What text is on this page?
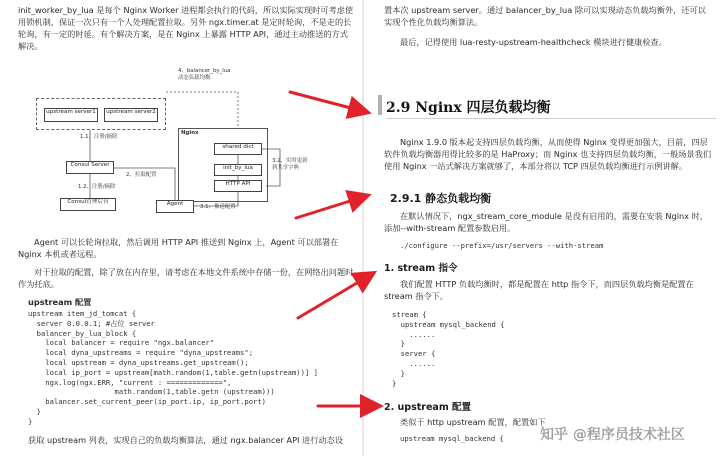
init_worker_by_lua 是每个 Nginx Worker 进程都会执行的代码，所以实际实现时可考虑使用锁机制，保证一次只有一个人处理配置拉取。另外 ngx.timer.at 是定时轮询，不是走的长轮询，有一定的时延。有个解决方案，是在 Nginx 上暴露 HTTP API，通过主动推送的方式解决。
4、balancer_by_lua
动态负载均衡
upstream server1	upstream server2
1.1、注册/摘除
Consul Server
1.2、注册/摘除
Consul管理后台
2、拉取配置
Nginx
shared dict
init_by_lua
HTTP API
Agent	3.1、推送配置
3.2、实时更新
到共享字典
Agent 可以长轮询拉取，然后调用 HTTP API 推送到 Nginx 上，Agent 可以部署在 Nginx 本机或者远程。
对于拉取的配置，除了放在内存里，请考虑在本地文件系统中存储一份，在网络出问题时作为托底。
upstream 配置
upstream item_jd_tomcat {
server 0.0.0.1; #占位 server
balancer_by_lua_block {
local balancer = require "ngx.balancer"
local dyna_upstreams = require "dyna_upstreams";
local upstream = dyna_upstreams.get_upstream();
local ip_port = upstream[math.random(1,table.getn(upstream))] ]
ngx.log(ngx.ERR, "current : =============",
math.random(1,table.getn (upstream)))
balancer.set_current_peer(ip_port.ip, ip_port.port)
}
}
获取 upstream 列表，实现自己的负载均衡算法，通过 ngx.balancer API 进行动态设
置本次 upstream server。通过 balancer_by_lua 除可以实现动态负载均衡外，还可以实现个性化负载均衡算法。
最后，记得使用 lua-resty-upstream-healthcheck 模块进行健康检查。
2.9 Nginx 四层负载均衡
Nginx 1.9.0 版本起支持四层负载均衡，从而使得 Nginx 变得更加强大，目前，四层软件负载均衡器用得比较多的是 HaProxy；而 Nginx 也支持四层负载均衡，一般场景我们使用 Nginx 一站式解决方案就够了，本部分将以 TCP 四层负载均衡进行示例讲解。
2.9.1 静态负载均衡
在默认情况下，ngx_stream_core_module 是没有启用的，需要在安装 Nginx 时，添加--with-stream 配置参数启用。
./configure --prefix=/usr/servers --with-stream
1. stream 指令
我们配置 HTTP 负载均衡时，都是配置在 http 指令下，而四层负载均衡是配置在 stream 指令下。
stream {
upstream mysql_backend {
......
}
server {
......
}
}
2. upstream 配置
类似于 http upstream 配置，配置如下
upstream mysql_backend {	知乎 @程序员技术社区
